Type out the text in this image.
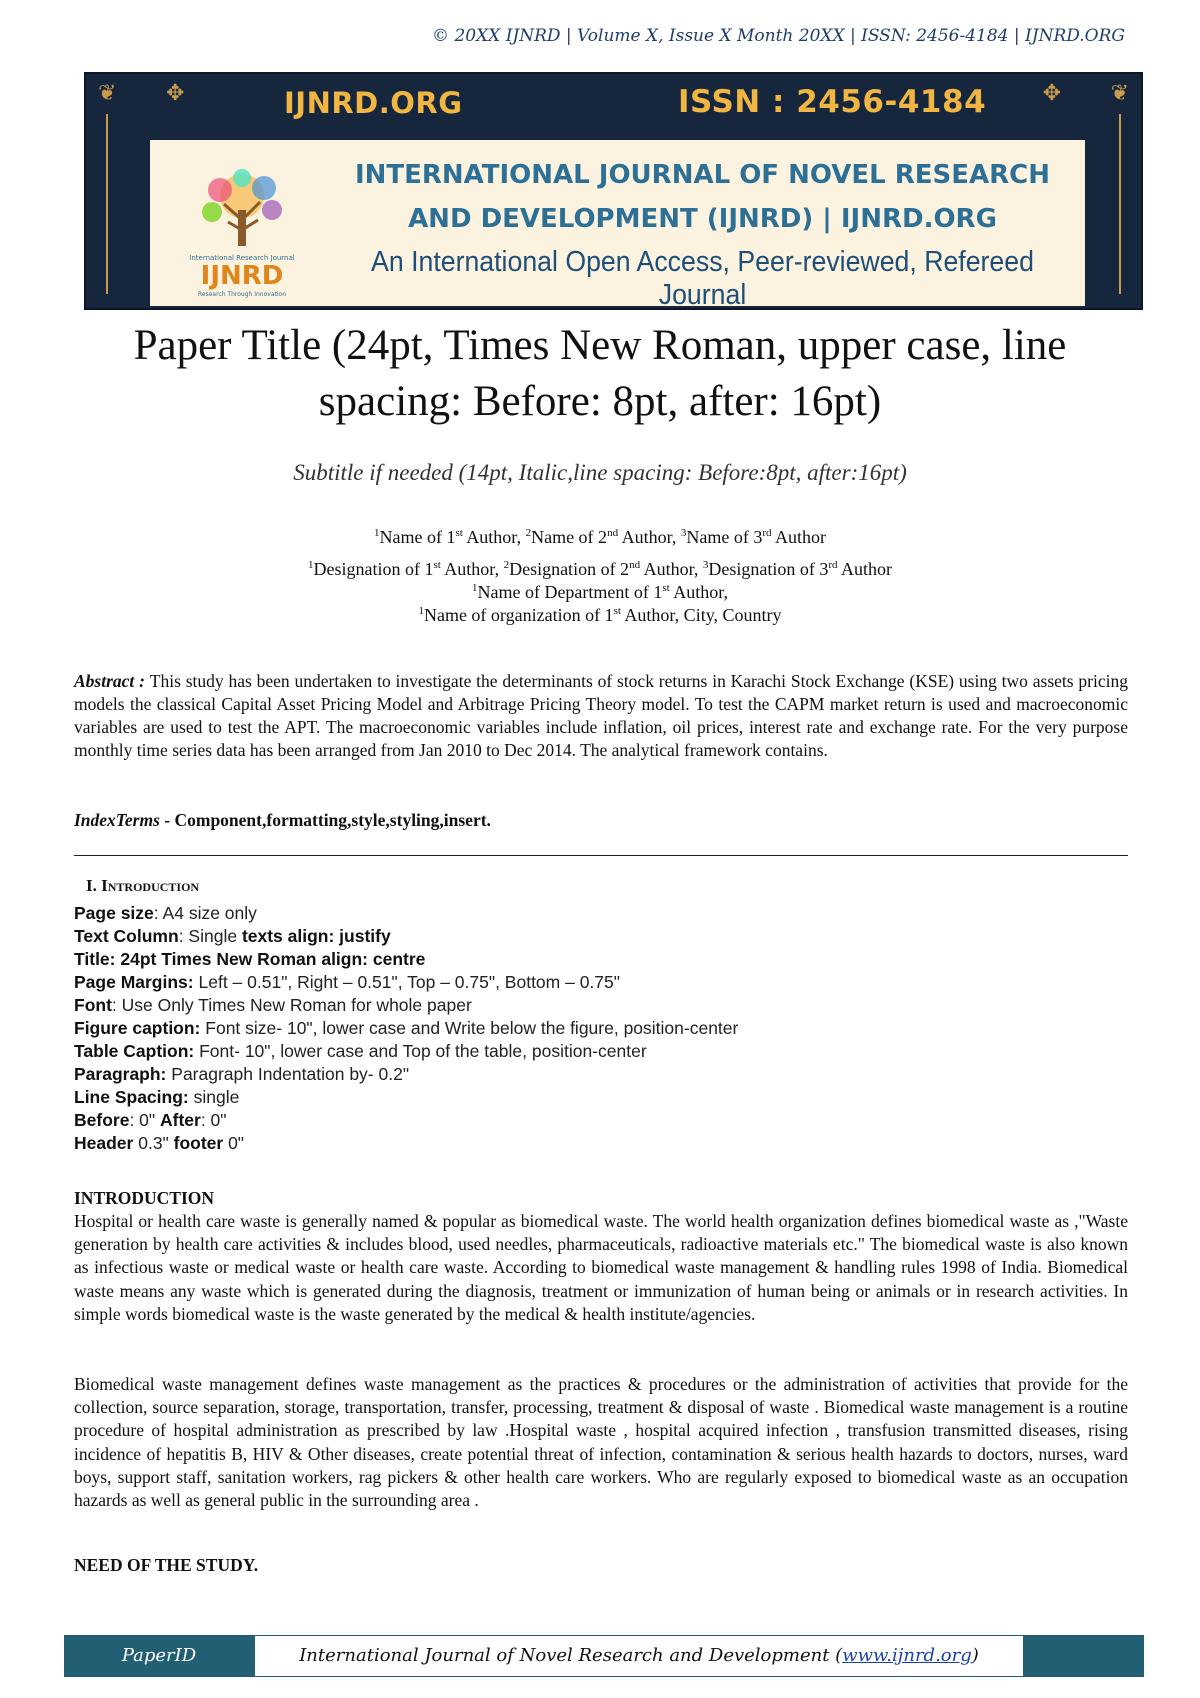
© 20XX IJNRD | Volume X, Issue X Month 20XX | ISSN: 2456-4184 | IJNRD.ORG
❦ ✥	❦
✥
IJNRD.ORG	ISSN : 2456-4184
International Research Journal
IJNRD
Research Through Innovation
INTERNATIONAL JOURNAL OF NOVEL RESEARCH
AND DEVELOPMENT (IJNRD) | IJNRD.ORG
An International Open Access, Peer-reviewed, Refereed Journal
Paper Title (24pt, Times New Roman, upper case, line
spacing: Before: 8pt, after: 16pt)
Subtitle if needed (14pt, Italic,line spacing: Before:8pt, after:16pt)
$^1$Name of 1st Author, $^2$Name of 2nd Author, $^3$Name of 3rd Author
$^1$Designation of 1st Author, $^2$Designation of 2nd Author, $^3$Designation of 3rd Author
$^1$Name of Department of 1st Author,
$^1$Name of organization of 1st Author, City, Country
Abstract : This study has been undertaken to investigate the determinants of stock returns in Karachi Stock Exchange (KSE) using two assets pricing models the classical Capital Asset Pricing Model and Arbitrage Pricing Theory model. To test the CAPM market return is used and macroeconomic variables are used to test the APT. The macroeconomic variables include inflation, oil prices, interest rate and exchange rate. For the very purpose monthly time series data has been arranged from Jan 2010 to Dec 2014. The analytical framework contains.
IndexTerms - Component,formatting,style,styling,insert.
I. Introduction
Page size: A4 size only
Text Column: Single texts align: justify
Title: 24pt Times New Roman align: centre
Page Margins: Left – 0.51", Right – 0.51", Top – 0.75", Bottom – 0.75"
Font: Use Only Times New Roman for whole paper
Figure caption: Font size- 10", lower case and Write below the figure, position-center
Table Caption: Font- 10", lower case and Top of the table, position-center
Paragraph: Paragraph Indentation by- 0.2"
Line Spacing: single
Before: 0" After: 0"
Header 0.3" footer 0"
INTRODUCTION
Hospital or health care waste is generally named & popular as biomedical waste. The world health organization defines biomedical waste as ,"Waste generation by health care activities & includes blood, used needles, pharmaceuticals, radioactive materials etc." The biomedical waste is also known as infectious waste or medical waste or health care waste. According to biomedical waste management & handling rules 1998 of India. Biomedical waste means any waste which is generated during the diagnosis, treatment or immunization of human being or animals or in research activities. In simple words biomedical waste is the waste generated by the medical & health institute/agencies.
Biomedical waste management defines waste management as the practices & procedures or the administration of activities that provide for the collection, source separation, storage, transportation, transfer, processing, treatment & disposal of waste . Biomedical waste management is a routine procedure of hospital administration as prescribed by law .Hospital waste , hospital acquired infection , transfusion transmitted diseases, rising incidence of hepatitis B, HIV & Other diseases, create potential threat of infection, contamination & serious health hazards to doctors, nurses, ward boys, support staff, sanitation workers, rag pickers & other health care workers. Who are regularly exposed to biomedical waste as an occupation hazards as well as general public in the surrounding area .
NEED OF THE STUDY.
PaperID	International Journal of Novel Research and Development (www.ijnrd.org)
